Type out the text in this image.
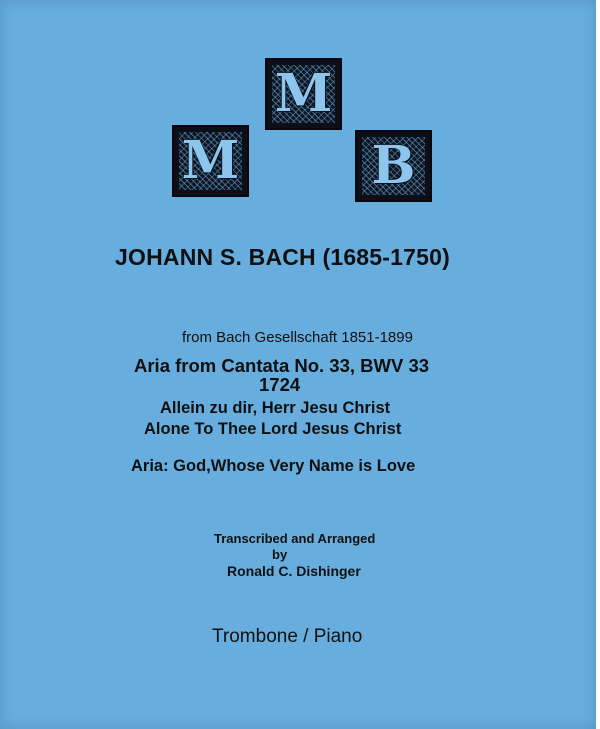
M
M	B
JOHANN S. BACH (1685-1750)
from Bach Gesellschaft 1851-1899
Aria from Cantata No. 33, BWV 33
1724
Allein zu dir, Herr Jesu Christ
Alone To Thee Lord Jesus Christ
Aria: God,Whose Very Name is Love
Transcribed and Arranged
by
Ronald C. Dishinger
Trombone / Piano
